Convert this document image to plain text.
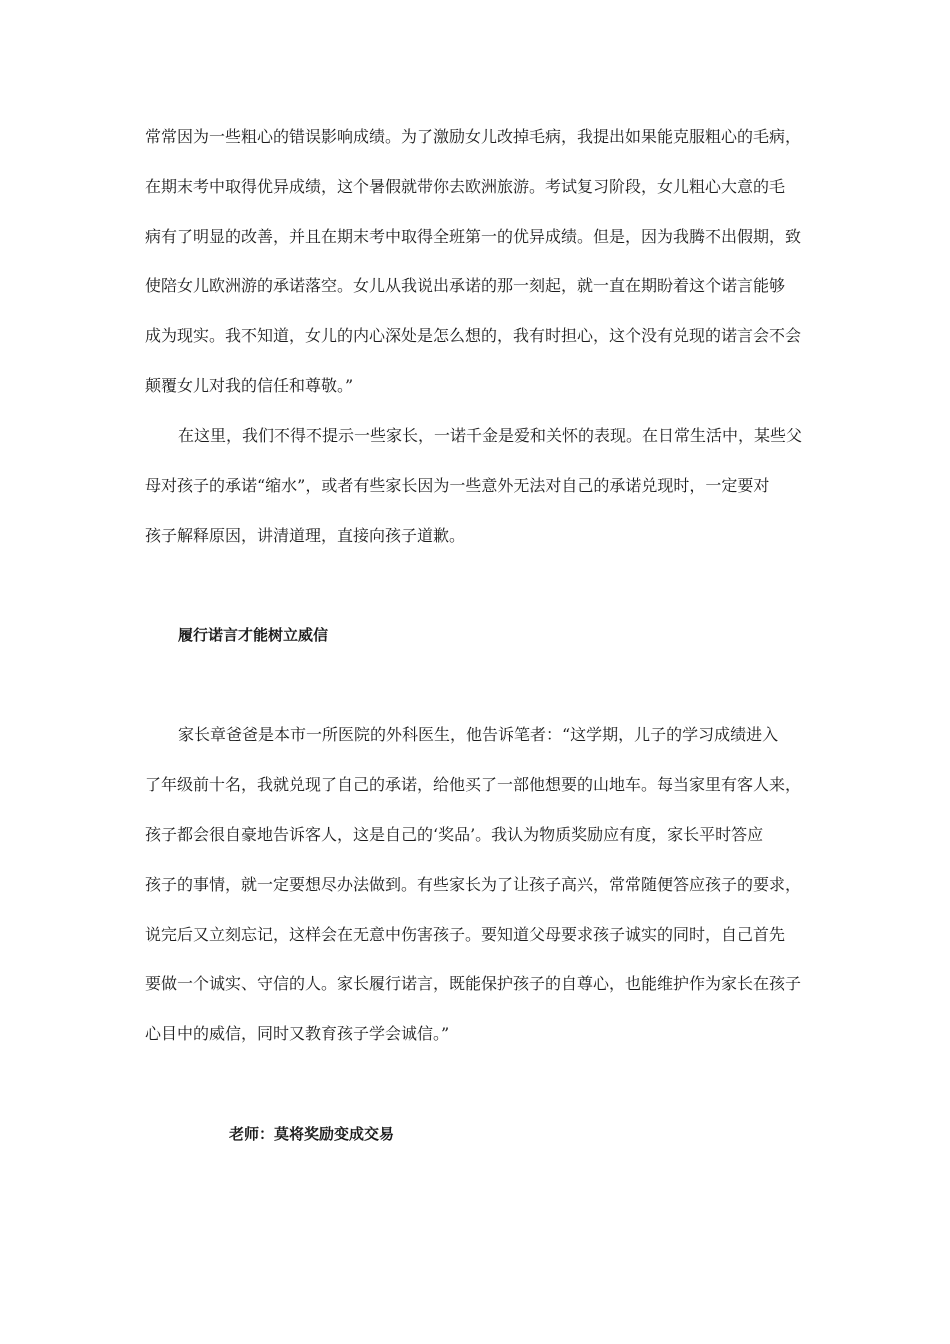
常常因为一些粗心的错误影响成绩。为了激励女儿改掉毛病，我提出如果能克服粗心的毛病，
在期末考中取得优异成绩，这个暑假就带你去欧洲旅游。考试复习阶段，女儿粗心大意的毛
病有了明显的改善，并且在期末考中取得全班第一的优异成绩。但是，因为我腾不出假期，致
使陪女儿欧洲游的承诺落空。女儿从我说出承诺的那一刻起，就一直在期盼着这个诺言能够
成为现实。我不知道，女儿的内心深处是怎么想的，我有时担心，这个没有兑现的诺言会不会
颠覆女儿对我的信任和尊敬。”
在这里，我们不得不提示一些家长，一诺千金是爱和关怀的表现。在日常生活中，某些父
母对孩子的承诺“缩水”，或者有些家长因为一些意外无法对自己的承诺兑现时，一定要对
孩子解释原因，讲清道理，直接向孩子道歉。
履行诺言才能树立威信
家长章爸爸是本市一所医院的外科医生，他告诉笔者：“这学期，儿子的学习成绩进入
了年级前十名，我就兑现了自己的承诺，给他买了一部他想要的山地车。每当家里有客人来，
孩子都会很自豪地告诉客人，这是自己的‘奖品’。我认为物质奖励应有度，家长平时答应
孩子的事情，就一定要想尽办法做到。有些家长为了让孩子高兴，常常随便答应孩子的要求，
说完后又立刻忘记，这样会在无意中伤害孩子。要知道父母要求孩子诚实的同时，自己首先
要做一个诚实、守信的人。家长履行诺言，既能保护孩子的自尊心，也能维护作为家长在孩子
心目中的威信，同时又教育孩子学会诚信。”
老师：莫将奖励变成交易
